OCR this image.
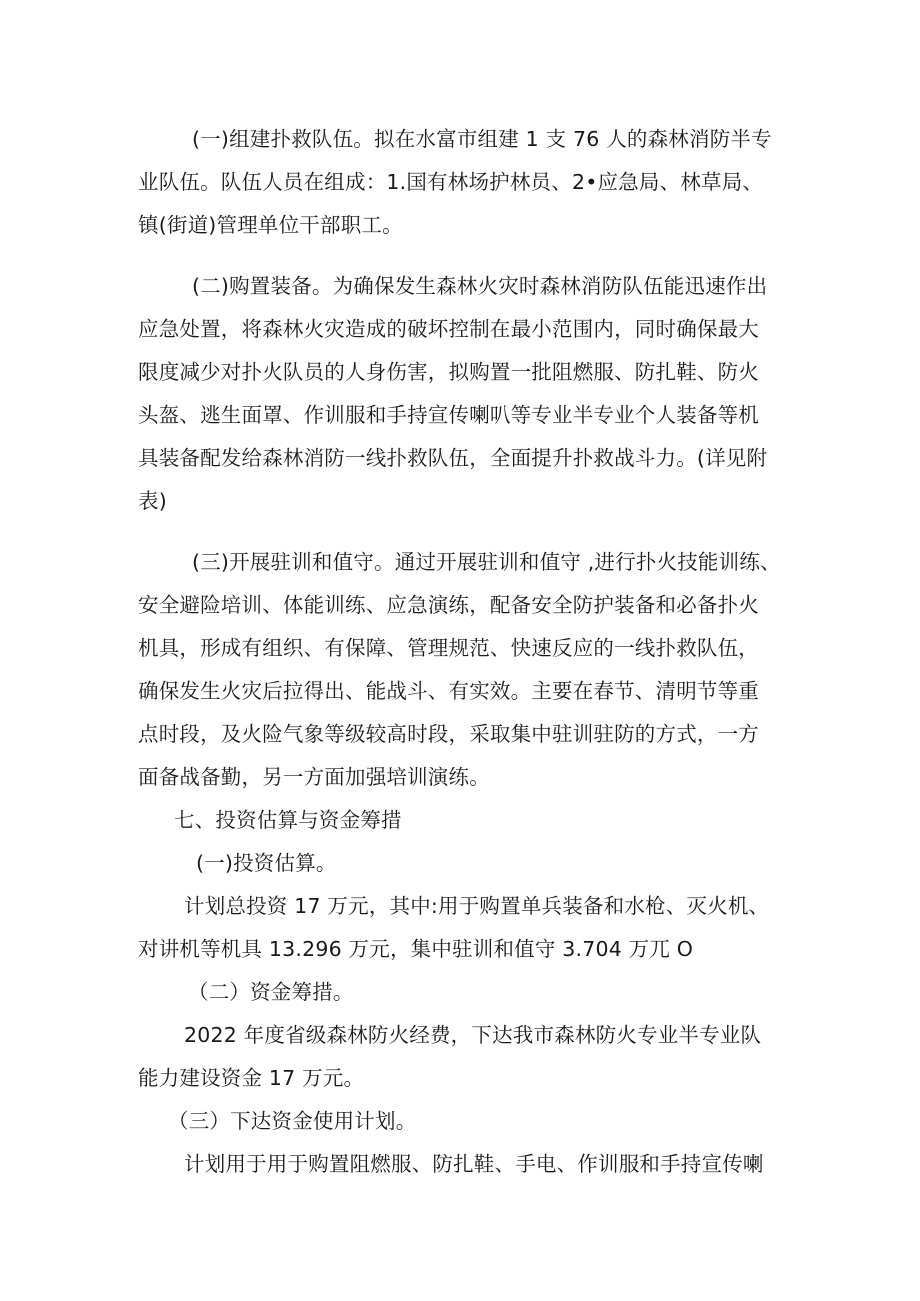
(一)组建扑救队伍。拟在水富市组建 1 支 76 人的森林消防半专
业队伍。队伍人员在组成：1.国有林场护林员、2•应急局、林草局、
镇(街道)管理单位干部职工。
(二)购置装备。为确保发生森林火灾时森林消防队伍能迅速作出
应急处置，将森林火灾造成的破坏控制在最小范围内，同时确保最大
限度减少对扑火队员的人身伤害，拟购置一批阻燃服、防扎鞋、防火
头盔、逃生面罩、作训服和手持宣传喇叭等专业半专业个人装备等机
具装备配发给森林消防一线扑救队伍，全面提升扑救战斗力。(详见附
表)
(三)开展驻训和值守。通过开展驻训和值守 ,进行扑火技能训练、
安全避险培训、体能训练、应急演练，配备安全防护装备和必备扑火
机具，形成有组织、有保障、管理规范、快速反应的一线扑救队伍，
确保发生火灾后拉得出、能战斗、有实效。主要在春节、清明节等重
点时段，及火险气象等级较高时段，采取集中驻训驻防的方式，一方
面备战备勤，另一方面加强培训演练。
七、投资估算与资金筹措
(一)投资估算。
计划总投资 17 万元，其中:用于购置单兵装备和水枪、灭火机、
对讲机等机具 13.296 万元，集中驻训和值守 3.704 万兀 O
（二）资金筹措。
2022 年度省级森林防火经费，下达我市森林防火专业半专业队
能力建设资金 17 万元。
（三）下达资金使用计划。
计划用于用于购置阻燃服、防扎鞋、手电、作训服和手持宣传喇
